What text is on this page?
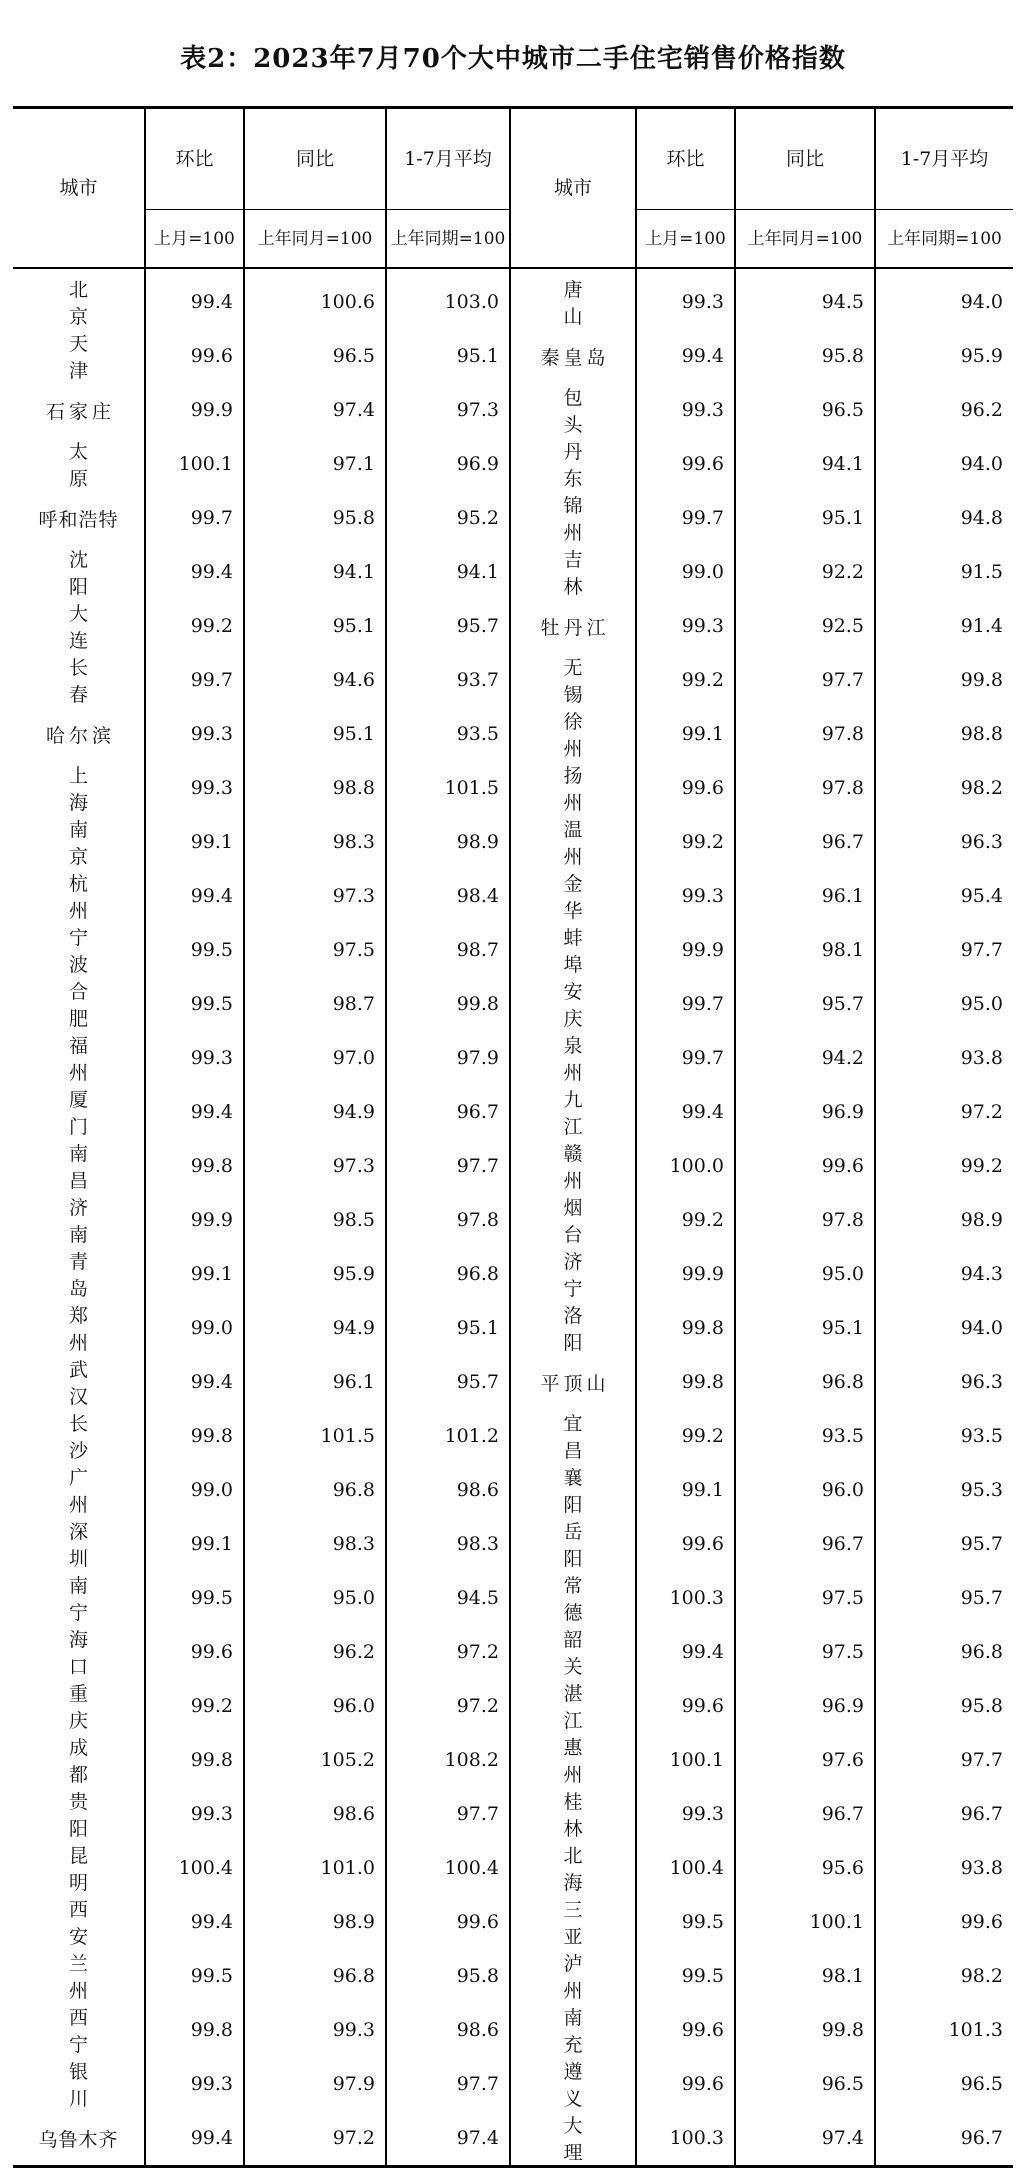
表2：2023年7月70个大中城市二手住宅销售价格指数
城市	环比	同比	1-7月平均	城市	环比	同比	1-7月平均
	上月=100	上年同月=100	上年同期=100		上月=100	上年同月=100	上年同期=100
北京	99.4	100.6	103.0	唐山	99.3	94.5	94.0
天津	99.6	96.5	95.1	秦皇岛	99.4	95.8	95.9
石家庄	99.9	97.4	97.3	包头	99.3	96.5	96.2
太原	100.1	97.1	96.9	丹东	99.6	94.1	94.0
呼和浩特	99.7	95.8	95.2	锦州	99.7	95.1	94.8
沈阳	99.4	94.1	94.1	吉林	99.0	92.2	91.5
大连	99.2	95.1	95.7	牡丹江	99.3	92.5	91.4
长春	99.7	94.6	93.7	无锡	99.2	97.7	99.8
哈尔滨	99.3	95.1	93.5	徐州	99.1	97.8	98.8
上海	99.3	98.8	101.5	扬州	99.6	97.8	98.2
南京	99.1	98.3	98.9	温州	99.2	96.7	96.3
杭州	99.4	97.3	98.4	金华	99.3	96.1	95.4
宁波	99.5	97.5	98.7	蚌埠	99.9	98.1	97.7
合肥	99.5	98.7	99.8	安庆	99.7	95.7	95.0
福州	99.3	97.0	97.9	泉州	99.7	94.2	93.8
厦门	99.4	94.9	96.7	九江	99.4	96.9	97.2
南昌	99.8	97.3	97.7	赣州	100.0	99.6	99.2
济南	99.9	98.5	97.8	烟台	99.2	97.8	98.9
青岛	99.1	95.9	96.8	济宁	99.9	95.0	94.3
郑州	99.0	94.9	95.1	洛阳	99.8	95.1	94.0
武汉	99.4	96.1	95.7	平顶山	99.8	96.8	96.3
长沙	99.8	101.5	101.2	宜昌	99.2	93.5	93.5
广州	99.0	96.8	98.6	襄阳	99.1	96.0	95.3
深圳	99.1	98.3	98.3	岳阳	99.6	96.7	95.7
南宁	99.5	95.0	94.5	常德	100.3	97.5	95.7
海口	99.6	96.2	97.2	韶关	99.4	97.5	96.8
重庆	99.2	96.0	97.2	湛江	99.6	96.9	95.8
成都	99.8	105.2	108.2	惠州	100.1	97.6	97.7
贵阳	99.3	98.6	97.7	桂林	99.3	96.7	96.7
昆明	100.4	101.0	100.4	北海	100.4	95.6	93.8
西安	99.4	98.9	99.6	三亚	99.5	100.1	99.6
兰州	99.5	96.8	95.8	泸州	99.5	98.1	98.2
西宁	99.8	99.3	98.6	南充	99.6	99.8	101.3
银川	99.3	97.9	97.7	遵义	99.6	96.5	96.5
乌鲁木齐	99.4	97.2	97.4	大理	100.3	97.4	96.7
